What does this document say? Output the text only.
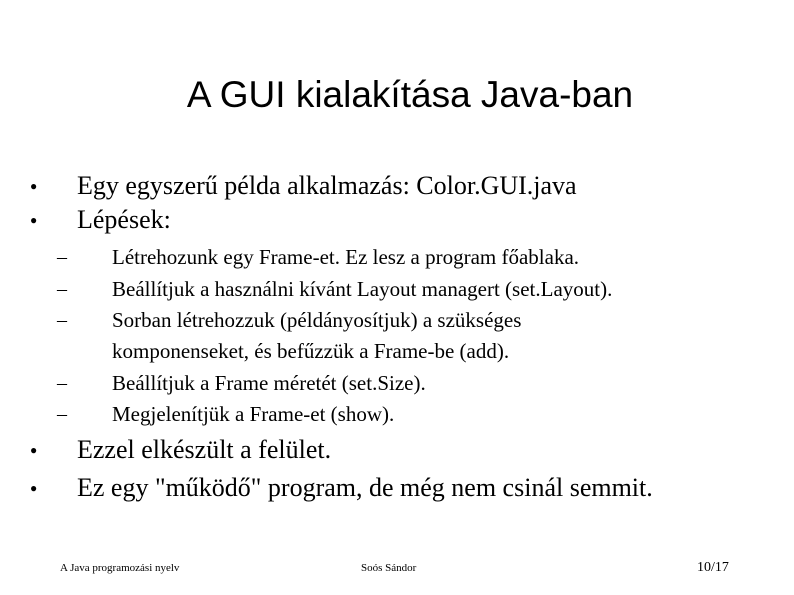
A GUI kialakítása Java-ban
● Egy egyszerű példa alkalmazás: Color.GUI.java
● Lépések:
– Létrehozunk egy Frame-et. Ez lesz a program főablaka.
– Beállítjuk a használni kívánt Layout managert (set.Layout).
– Sorban létrehozzuk (példányosítjuk) a szükséges
komponenseket, és befűzzük a Frame-be (add).
– Beállítjuk a Frame méretét (set.Size).
– Megjelenítjük a Frame-et (show).
● Ezzel elkészült a felület.
● Ez egy "működő" program, de még nem csinál semmit.
A Java programozási nyelv	Soós Sándor	10/17
